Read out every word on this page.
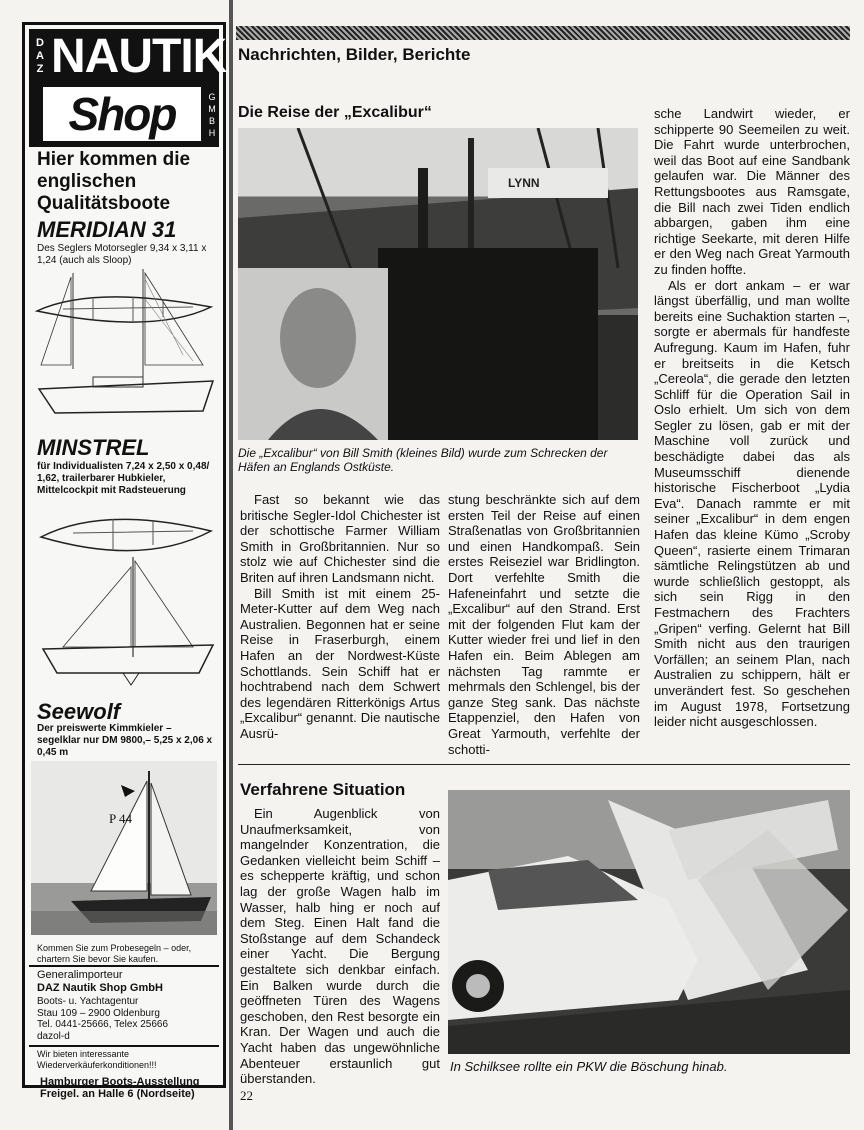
DAZ NAUTIK
Shop	GMBH
Hier kommen die englischen Qualitätsboote
MERIDIAN 31
Des Seglers Motorsegler 9,34 x 3,11 x 1,24 (auch als Sloop)
MINSTREL
für Individualisten 7,24 x 2,50 x 0,48/ 1,62, trailerbarer Hubkieler, Mittelcockpit mit Radsteuerung
Seewolf
Der preiswerte Kimmkieler – segelklar nur DM 9800,– 5,25 x 2,06 x 0,45 m
P 44
Kommen Sie zum Probesegeln – oder, chartern Sie bevor Sie kaufen.
Generalimporteur
DAZ Nautik Shop GmbH
Boots- u. Yachtagentur
Stau 109 – 2900 Oldenburg
Tel. 0441-25666, Telex 25666
dazol-d
Wir bieten interessante Wiederverkäuferkonditionen!!!
Hamburger Boots-Ausstellung
Freigel. an Halle 6 (Nordseite)
Nachrichten, Bilder, Berichte
Die Reise der „Excalibur“
LYNN
Die „Excalibur“ von Bill Smith (kleines Bild) wurde zum Schrecken der Häfen an Englands Ostküste.

Fast so bekannt wie das britische Segler-Idol Chichester ist der schottische Farmer William Smith in Großbritannien. Nur so stolz wie auf Chichester sind die Briten auf ihren Landsmann nicht.

Bill Smith ist mit einem 25-Meter-Kutter auf dem Weg nach Australien. Begonnen hat er seine Reise in Fraserburgh, einem Hafen an der Nordwest-Küste Schottlands. Sein Schiff hat er hochtrabend nach dem Schwert des legendären Ritterkönigs Artus „Excalibur“ genannt. Die nautische Ausrü-

stung beschränkte sich auf dem ersten Teil der Reise auf einen Straßenatlas von Großbritannien und einen Handkompaß. Sein erstes Reiseziel war Bridlington. Dort verfehlte Smith die Hafeneinfahrt und setzte die „Excalibur“ auf den Strand. Erst mit der folgenden Flut kam der Kutter wieder frei und lief in den Hafen ein. Beim Ablegen am nächsten Tag rammte er mehrmals den Schlengel, bis der ganze Steg sank. Das nächste Etappenziel, den Hafen von Great Yarmouth, verfehlte der schotti-

sche Landwirt wieder, er schipperte 90 Seemeilen zu weit. Die Fahrt wurde unterbrochen, weil das Boot auf eine Sandbank gelaufen war. Die Männer des Rettungsbootes aus Ramsgate, die Bill nach zwei Tiden endlich abbargen, gaben ihm eine richtige Seekarte, mit deren Hilfe er den Weg nach Great Yarmouth zu finden hoffte.

Als er dort ankam – er war längst überfällig, und man wollte bereits eine Suchaktion starten –, sorgte er abermals für handfeste Aufregung. Kaum im Hafen, fuhr er breitseits in die Ketsch „Cereola“, die gerade den letzten Schliff für die Operation Sail in Oslo erhielt. Um sich von dem Segler zu lösen, gab er mit der Maschine voll zurück und beschädigte dabei das als Museumsschiff dienende historische Fischerboot „Lydia Eva“. Danach rammte er mit seiner „Excalibur“ in dem engen Hafen das kleine Kümo „Scroby Queen“, rasierte einem Trimaran sämtliche Relingstützen ab und wurde schließlich gestoppt, als sich sein Rigg in den Festmachern des Frachters „Gripen“ verfing. Gelernt hat Bill Smith nicht aus den traurigen Vorfällen; an seinem Plan, nach Australien zu schippern, hält er unverändert fest. So geschehen im August 1978, Fortsetzung leider nicht ausgeschlossen.

Verfahrene Situation

Ein Augenblick von Unaufmerksamkeit, von mangelnder Konzentration, die Gedanken vielleicht beim Schiff – es schepperte kräftig, und schon lag der große Wagen halb im Wasser, halb hing er noch auf dem Steg. Einen Halt fand die Stoßstange auf dem Schandeck einer Yacht. Die Bergung gestaltete sich denkbar einfach. Ein Balken wurde durch die geöffneten Türen des Wagens geschoben, den Rest besorgte ein Kran. Der Wagen und auch die Yacht haben das ungewöhnliche Abenteuer erstaunlich gut überstanden.

In Schilksee rollte ein PKW die Böschung hinab.
22
